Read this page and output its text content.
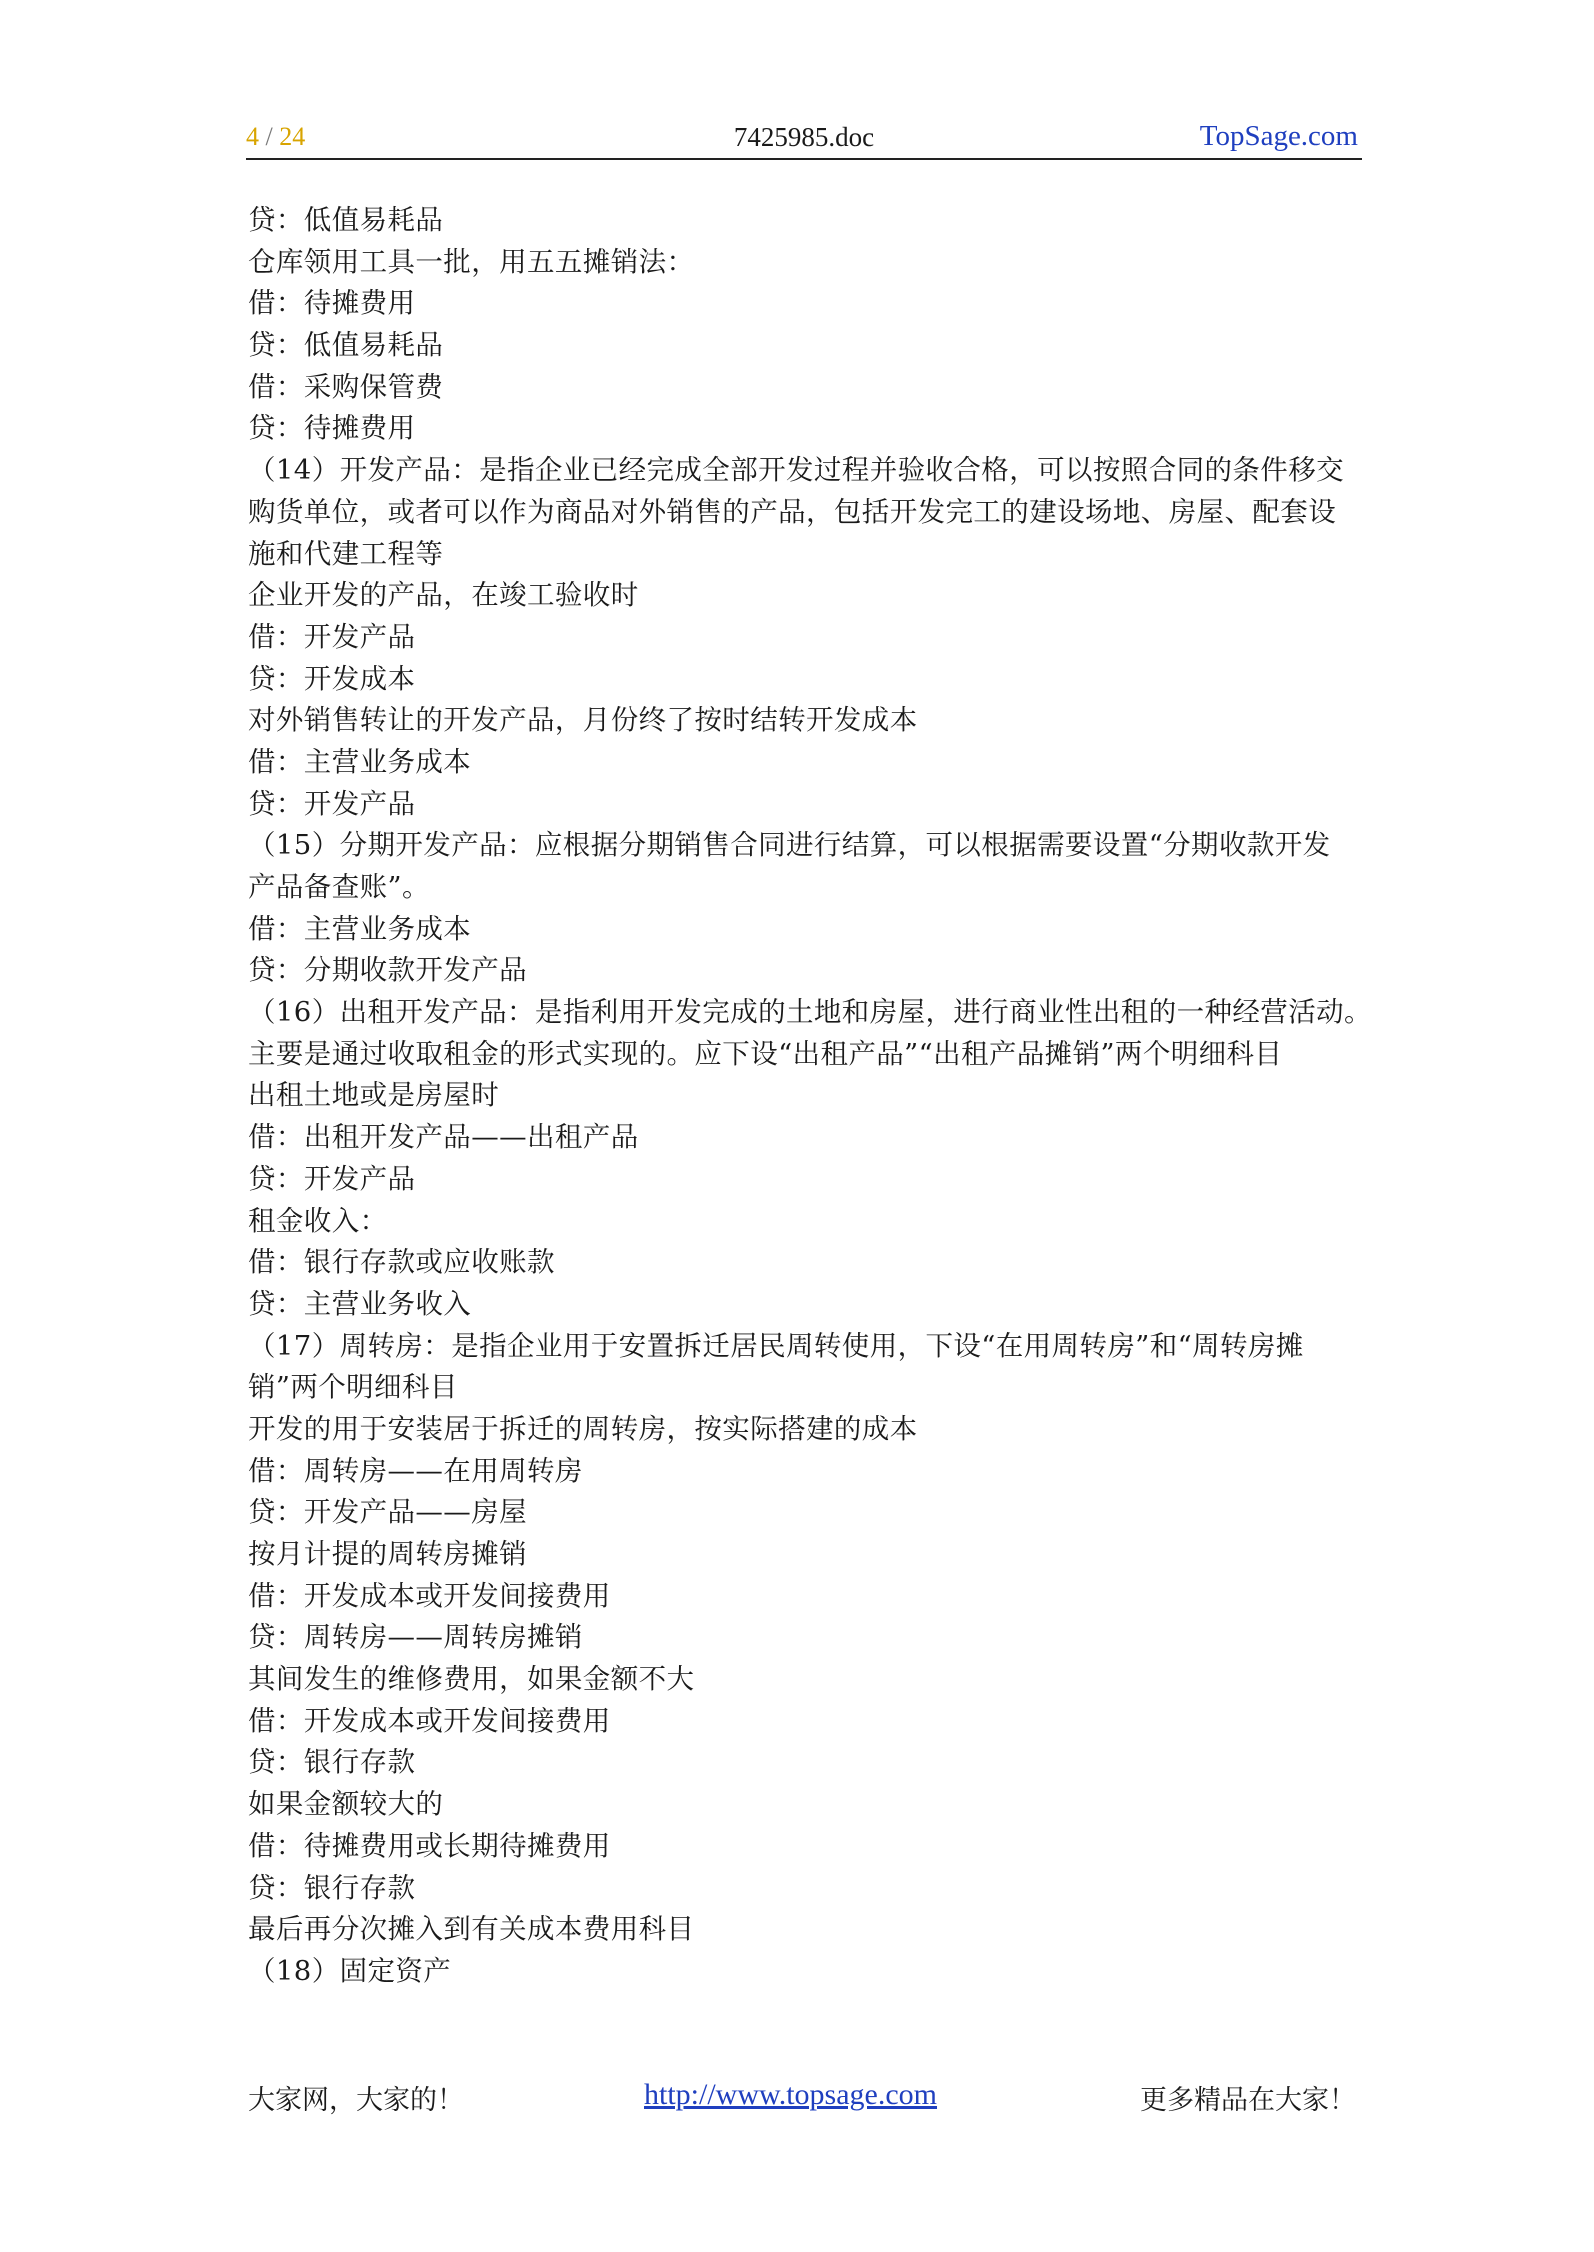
4 / 24	7425985.doc	TopSage.com
贷：低值易耗品
仓库领用工具一批，用五五摊销法：
借：待摊费用
贷：低值易耗品
借：采购保管费
贷：待摊费用
（14）开发产品：是指企业已经完成全部开发过程并验收合格，可以按照合同的条件移交
购货单位，或者可以作为商品对外销售的产品，包括开发完工的建设场地、房屋、配套设
施和代建工程等
企业开发的产品，在竣工验收时
借：开发产品
贷：开发成本
对外销售转让的开发产品，月份终了按时结转开发成本
借：主营业务成本
贷：开发产品
（15）分期开发产品：应根据分期销售合同进行结算，可以根据需要设置“分期收款开发
产品备查账”。
借：主营业务成本
贷：分期收款开发产品
（16）出租开发产品：是指利用开发完成的土地和房屋，进行商业性出租的一种经营活动。
主要是通过收取租金的形式实现的。应下设“出租产品”“出租产品摊销”两个明细科目
出租土地或是房屋时
借：出租开发产品——出租产品
贷：开发产品
租金收入：
借：银行存款或应收账款
贷：主营业务收入
（17）周转房：是指企业用于安置拆迁居民周转使用，下设“在用周转房”和“周转房摊
销”两个明细科目
开发的用于安装居于拆迁的周转房，按实际搭建的成本
借：周转房——在用周转房
贷：开发产品——房屋
按月计提的周转房摊销
借：开发成本或开发间接费用
贷：周转房——周转房摊销
其间发生的维修费用，如果金额不大
借：开发成本或开发间接费用
贷：银行存款
如果金额较大的
借：待摊费用或长期待摊费用
贷：银行存款
最后再分次摊入到有关成本费用科目
（18）固定资产
大家网，大家的！	http://www.topsage.com	更多精品在大家！
